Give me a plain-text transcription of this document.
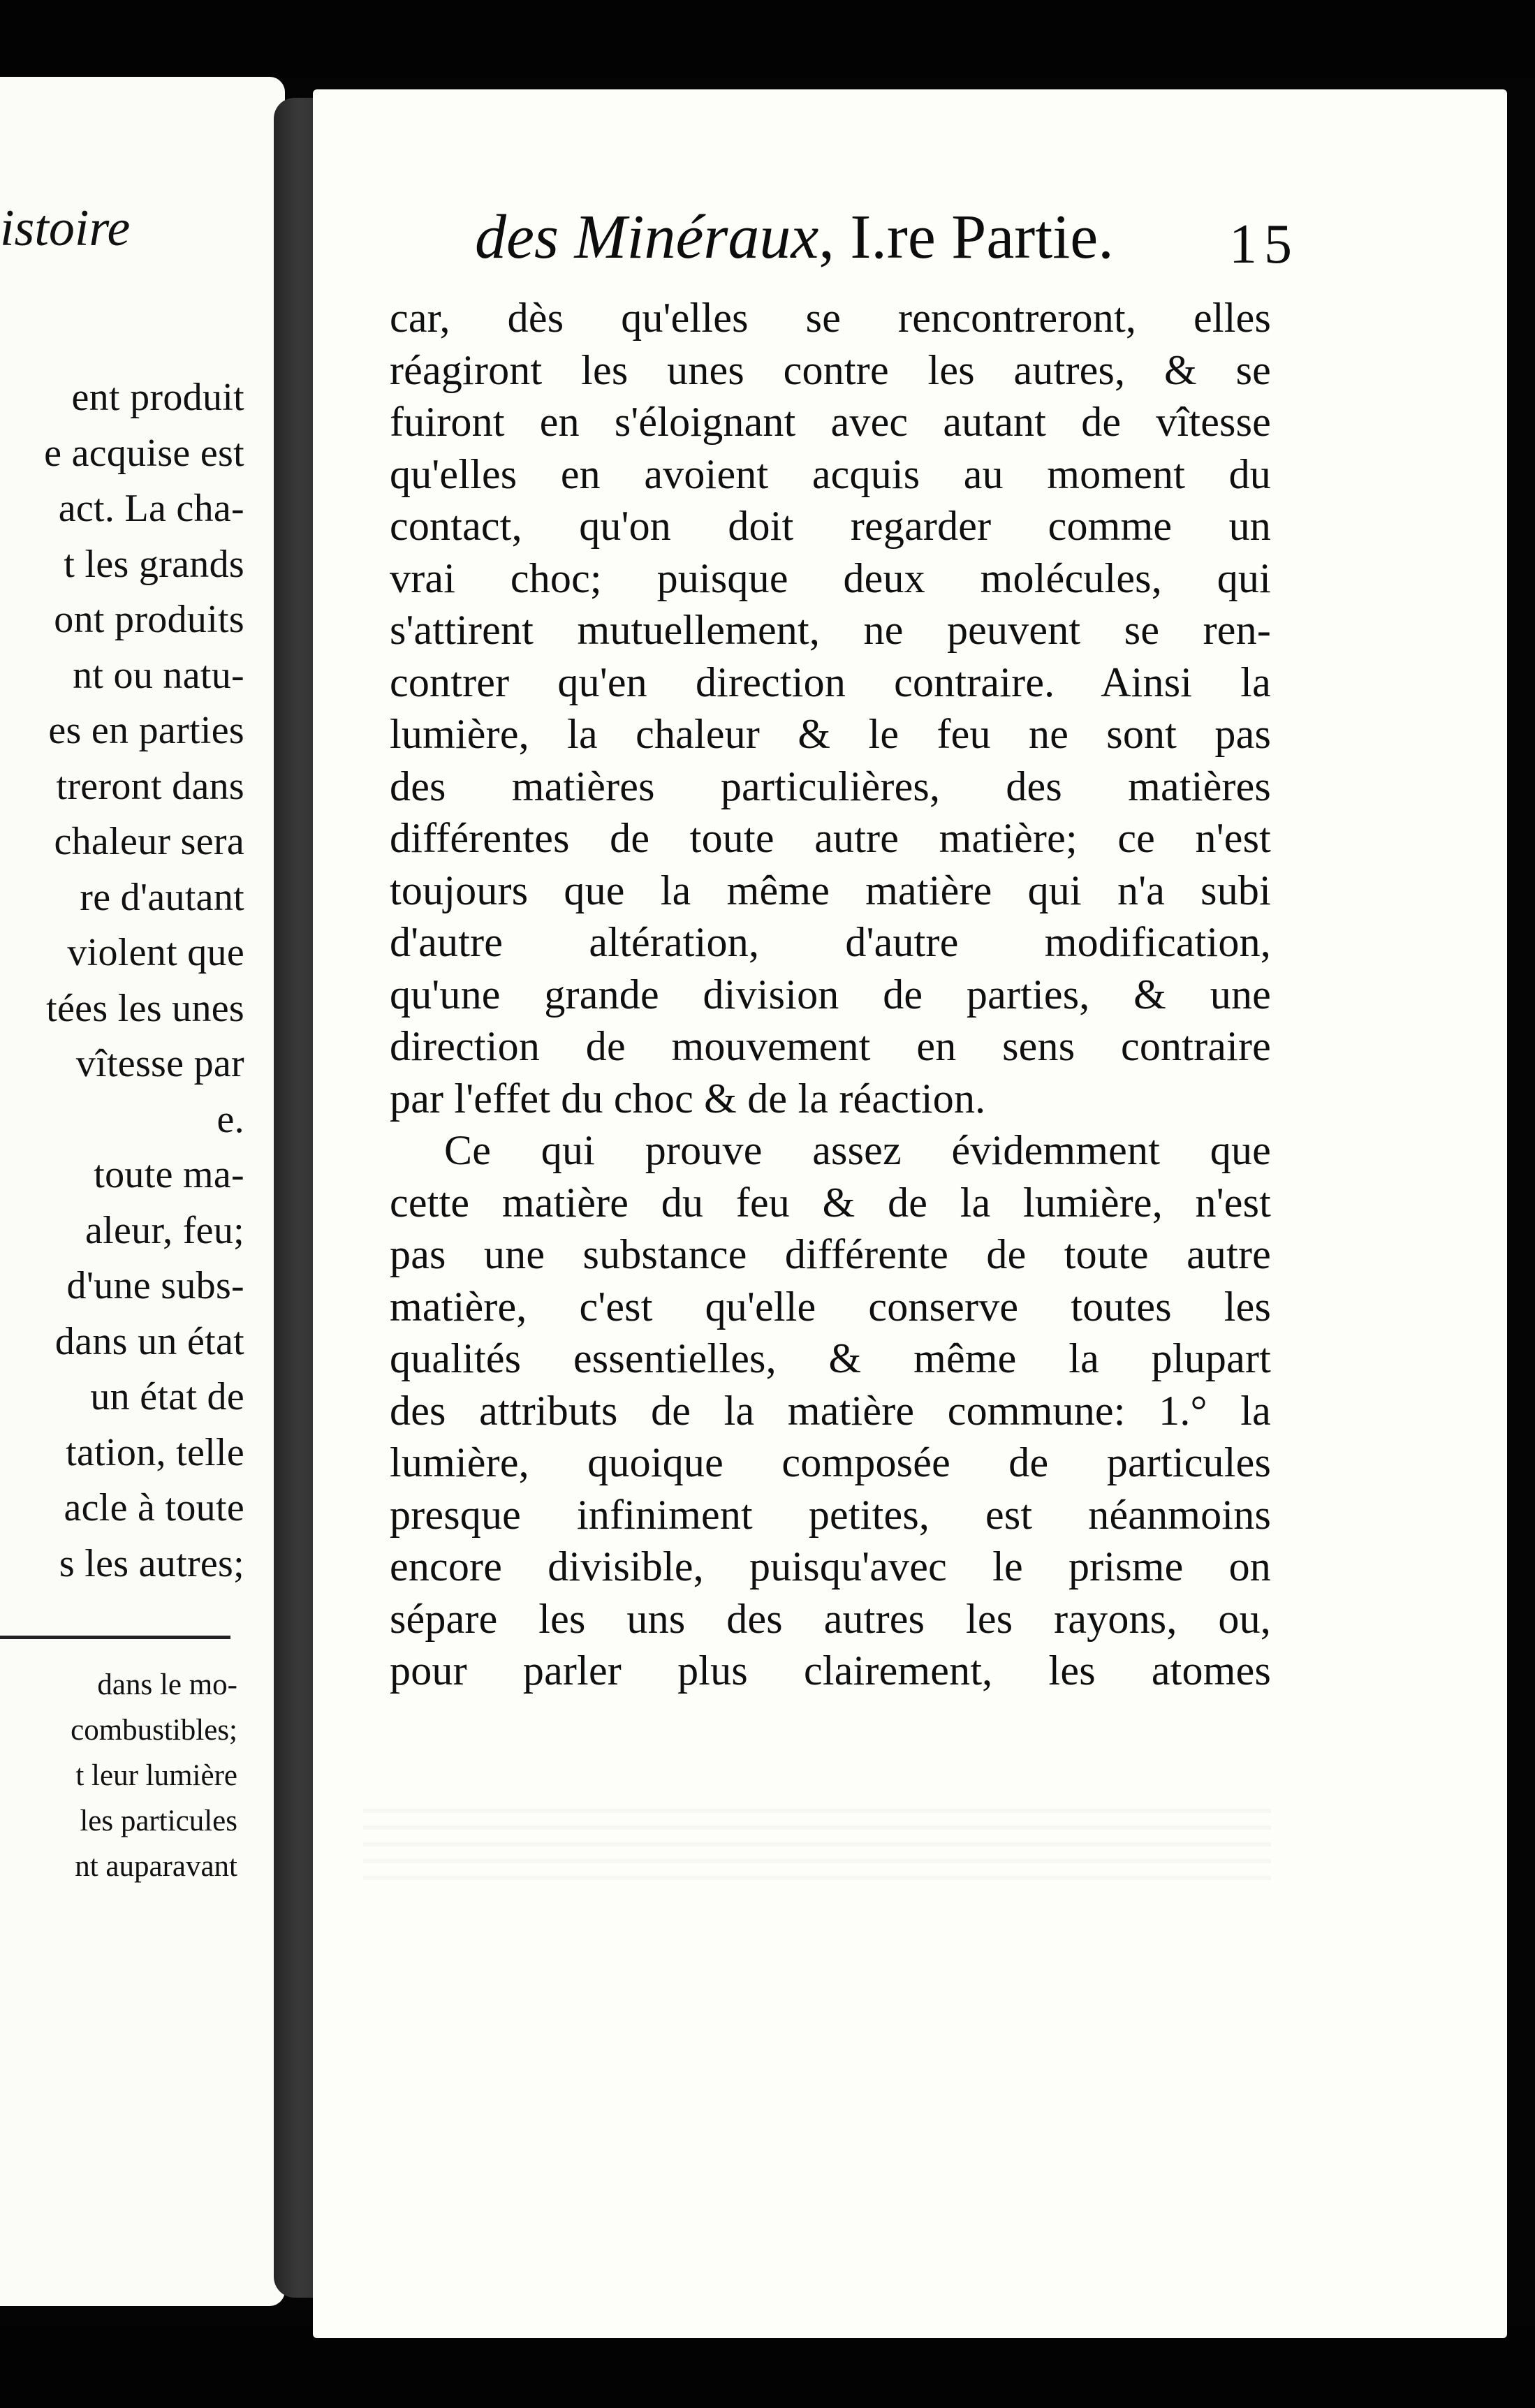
istoire
ent produit
e acquise est
act. La cha-
t les grands
ont produits
nt ou natu-
es en parties
treront dans
chaleur sera
re d'autant
violent que
tées les unes
vîtesse par
e.
toute ma-
aleur, feu;
d'une subs-
dans un état
un état de
tation, telle
acle à toute
s les autres;
dans le mo-
combustibles;
t leur lumière
les particules
nt auparavant
des Minéraux, I.re Partie. 15
car, dès qu'elles se rencontreront, elles
réagiront les unes contre les autres, & se
fuiront en s'éloignant avec autant de vîtesse
qu'elles en avoient acquis au moment du
contact, qu'on doit regarder comme un
vrai choc; puisque deux molécules, qui
s'attirent mutuellement, ne peuvent se ren-
contrer qu'en direction contraire. Ainsi la
lumière, la chaleur & le feu ne sont pas
des matières particulières, des matières
différentes de toute autre matière; ce n'est
toujours que la même matière qui n'a subi
d'autre altération, d'autre modification,
qu'une grande division de parties, & une
direction de mouvement en sens contraire
par l'effet du choc & de la réaction.
Ce qui prouve assez évidemment que
cette matière du feu & de la lumière, n'est
pas une substance différente de toute autre
matière, c'est qu'elle conserve toutes les
qualités essentielles, & même la plupart
des attributs de la matière commune: 1.° la
lumière, quoique composée de particules
presque infiniment petites, est néanmoins
encore divisible, puisqu'avec le prisme on
sépare les uns des autres les rayons, ou,
pour parler plus clairement, les atomes
